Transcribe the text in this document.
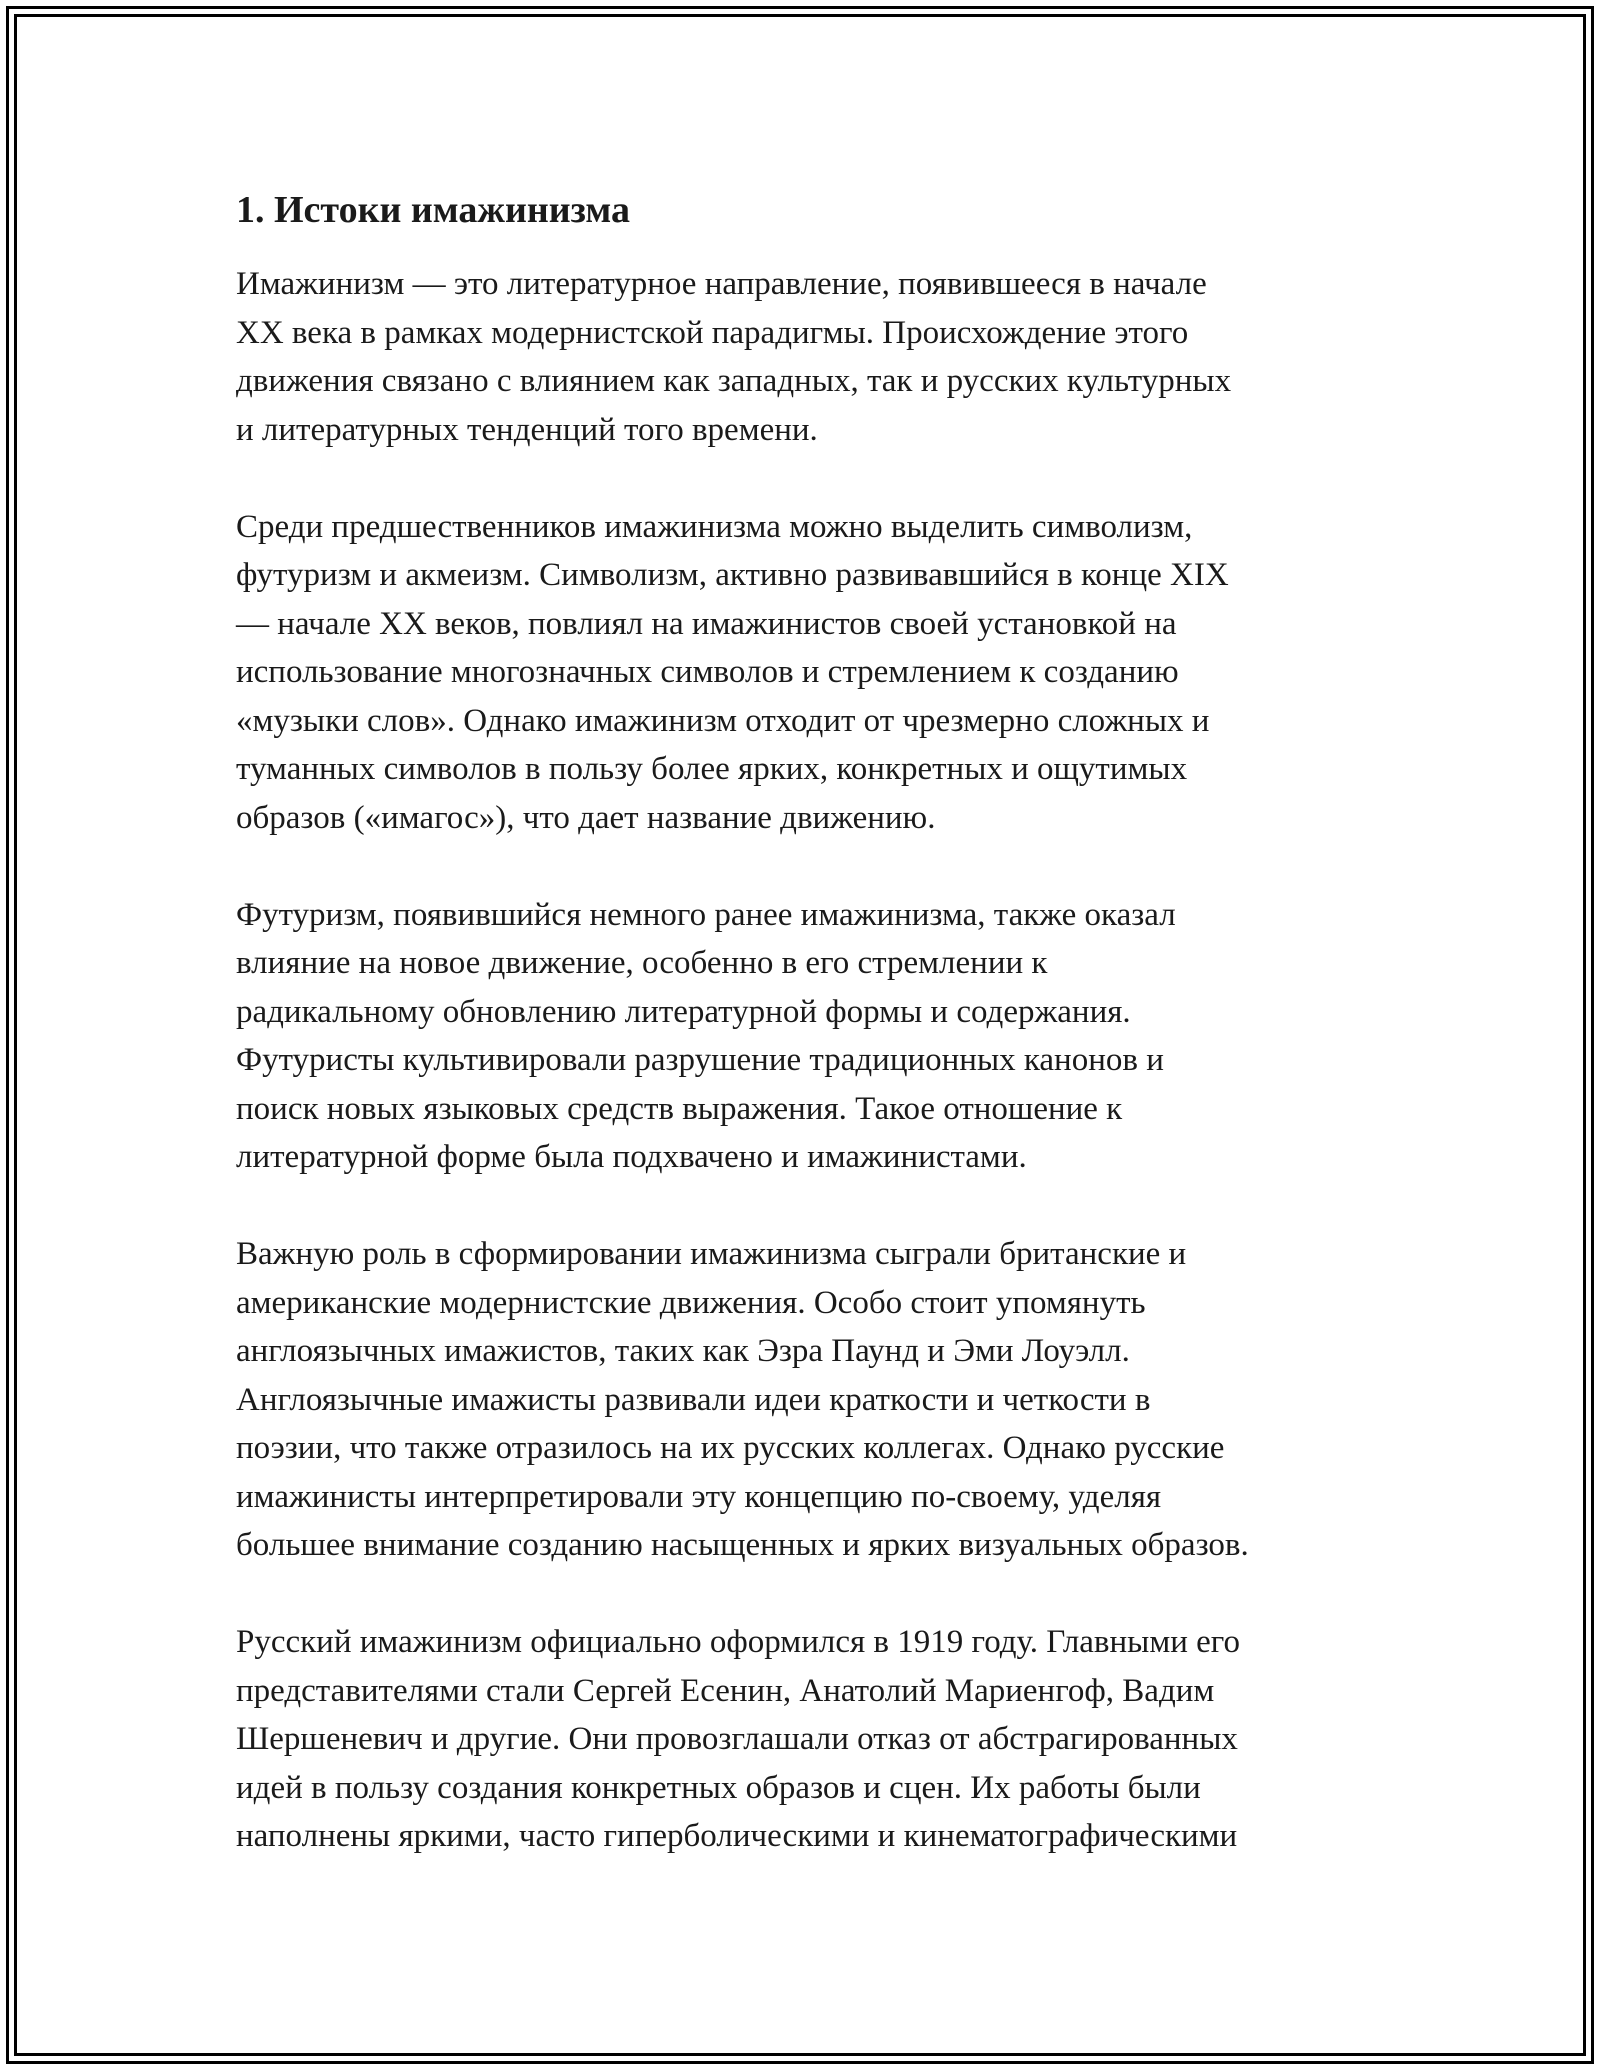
1. Истоки имажинизма
Имажинизм — это литературное направление, появившееся в начале
XX века в рамках модернистской парадигмы. Происхождение этого
движения связано с влиянием как западных, так и русских культурных
и литературных тенденций того времени.
Среди предшественников имажинизма можно выделить символизм,
футуризм и акмеизм. Символизм, активно развивавшийся в конце XIX
— начале XX веков, повлиял на имажинистов своей установкой на
использование многозначных символов и стремлением к созданию
«музыки слов». Однако имажинизм отходит от чрезмерно сложных и
туманных символов в пользу более ярких, конкретных и ощутимых
образов («имагос»), что дает название движению.
Футуризм, появившийся немного ранее имажинизма, также оказал
влияние на новое движение, особенно в его стремлении к
радикальному обновлению литературной формы и содержания.
Футуристы культивировали разрушение традиционных канонов и
поиск новых языковых средств выражения. Такое отношение к
литературной форме была подхвачено и имажинистами.
Важную роль в сформировании имажинизма сыграли британские и
американские модернистские движения. Особо стоит упомянуть
англоязычных имажистов, таких как Эзра Паунд и Эми Лоуэлл.
Англоязычные имажисты развивали идеи краткости и четкости в
поэзии, что также отразилось на их русских коллегах. Однако русские
имажинисты интерпретировали эту концепцию по-своему, уделяя
большее внимание созданию насыщенных и ярких визуальных образов.
Русский имажинизм официально оформился в 1919 году. Главными его
представителями стали Сергей Есенин, Анатолий Мариенгоф, Вадим
Шершеневич и другие. Они провозглашали отказ от абстрагированных
идей в пользу создания конкретных образов и сцен. Их работы были
наполнены яркими, часто гиперболическими и кинематографическими
